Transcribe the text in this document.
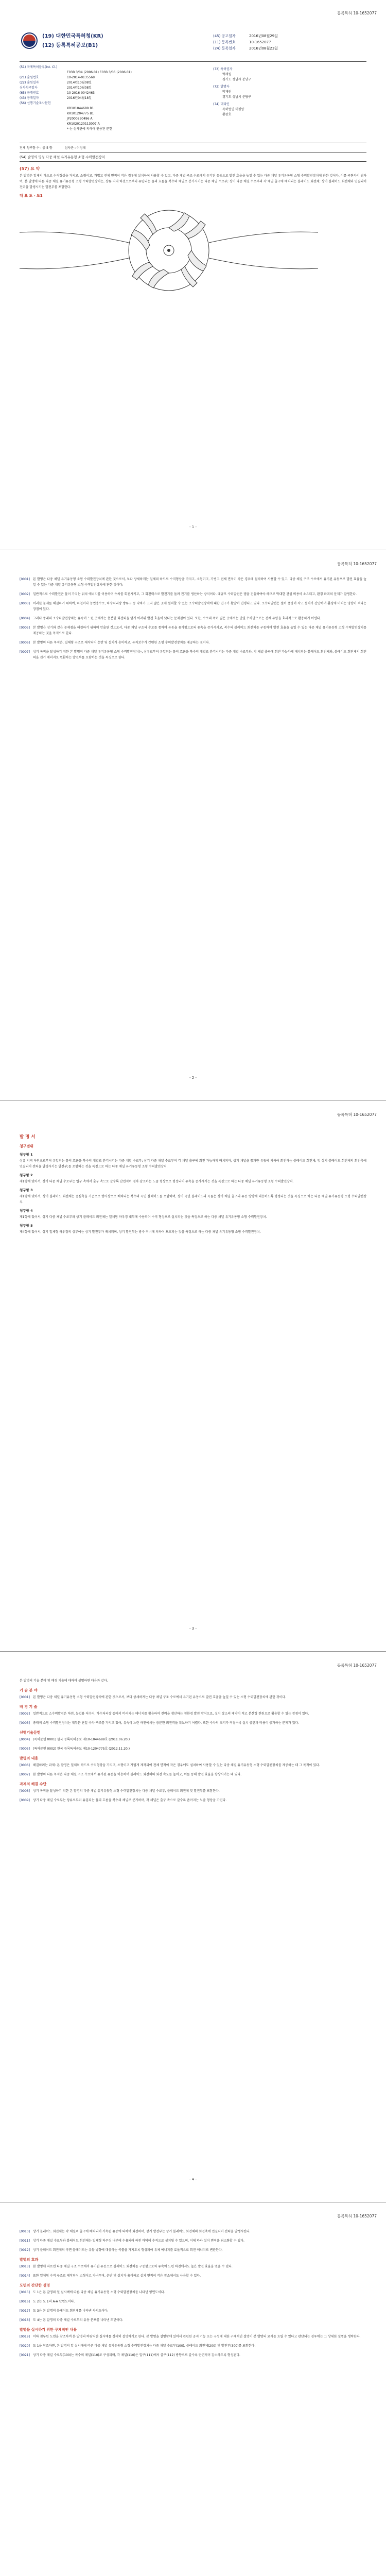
등록특허 10-1652077
(19) 대한민국특허청(KR)
(12) 등록특허공보(B1)
(45) 공고일자	2016년08월29일
(11) 등록번호	10-1652077
(24) 등록일자	2016년08월23일
(51) 국제특허분류(Int. Cl.)
F03B 3/04 (2006.01) F03B 3/06 (2006.01)
(21) 출원번호	10-2014-0135568
(22) 출원일자	2014년10월08일
심사청구일자	2014년10월08일
(65) 공개번호	10-2016-0042463
(43) 공개일자	2016년04월18일
(56) 선행기술조사문헌
KR101044689 B1
KR101204775 B1
JP2000230496 A
KR1020120113007 A
* 는 심사관에 의하여 인용된 문헌
(73) 특허권자
박재원
경기도 성남시 분당구
(72) 발명자
박재원
경기도 성남시 분당구
(74) 대리인
특허법인 태평양
황광호
전체 청구항 수 : 총 5 항	심사관 : 이정혜
(54) 발명의 명칭 다중 채널 유기유동형 소형 수력발전장치
(57) 요 약
본 발명은 일체의 하드로 수직형상을 가지고, 소형이고, 가볍고 전체 면적이 작은 경우에 설치하여 사용할 수 있고, 다중 채널 구조 수로에서 유기된 유동으로 발전 효율을 높일 수 있는 다중 채널 유기유동형 소형 수력발전장치에 관한 것이다. 이를 구현하기 위하여, 본 발명에 따른 다중 채널 유기유동형 소형 수력발전장치는, 상류 지역 하천으로부터 유입되는 물의 흐름을 복수의 채널로 분기시키는 다중 채널 수로부; 상기 다중 채널 수로부의 각 채널 출구에 배치되는 블레이드 회전체; 상기 블레이드 회전체와 연결되어 전력을 발생시키는 발전부를 포함한다.
대 표 도 - 도1
- 1 -
등록특허 10-1652077
[0001]	본 발명은 다중 채널 유기유동형 소형 수력발전장치에 관한 것으로서, 보다 상세하게는 일체의 하드로 수직형상을 가지고, 소형이고, 가볍고 전체 면적이 작은 경우에 설치하여 사용할 수 있고, 다중 채널 구조 수로에서 유기된 유동으로 발전 효율을 높일 수 있는 다중 채널 유기유동형 소형 수력발전장치에 관한 것이다.
[0002]	일반적으로 수력발전은 물이 가지는 위치 에너지를 이용하여 수차를 회전시키고, 그 회전력으로 발전기를 돌려 전기를 생산하는 방식이다. 대규모 수력발전은 댐을 건설하여야 하므로 막대한 건설 비용이 소요되고, 환경 파괴의 문제가 발생한다.
[0003]	이러한 문제를 해결하기 위하여, 하천이나 농업용수로, 하수처리장 방류구 등 낙차가 크지 않은 곳에 설치할 수 있는 소수력발전장치에 대한 연구가 활발히 진행되고 있다. 소수력발전은 설비 용량이 작고 설치가 간단하며 환경에 미치는 영향이 적다는 장점이 있다.
[0004]	그러나 종래의 소수력발전장치는 유속이 느린 곳에서는 충분한 회전력을 얻기 어려워 발전 효율이 낮다는 문제점이 있다. 또한, 수로의 폭이 넓은 곳에서는 단일 수차만으로는 전체 유량을 효과적으로 활용하기 어렵다.
[0005]	본 발명은 상기와 같은 문제점을 해결하기 위하여 안출된 것으로서, 다중 채널 구조의 수로를 통하여 유동을 유기함으로써 유속을 증가시키고, 복수의 블레이드 회전체를 구동하여 발전 효율을 높일 수 있는 다중 채널 유기유동형 소형 수력발전장치를 제공하는 것을 목적으로 한다.
[0006]	본 발명의 다른 목적은, 일체형 구조로 제작되어 운반 및 설치가 용이하고, 유지보수가 간편한 소형 수력발전장치를 제공하는 것이다.
[0007]	상기 목적을 달성하기 위한 본 발명의 다중 채널 유기유동형 소형 수력발전장치는, 상류로부터 유입되는 물의 흐름을 복수의 채널로 분기시키는 다중 채널 수로부와, 각 채널 출구에 회전 가능하게 배치되는 블레이드 회전체와, 블레이드 회전체의 회전력을 전기 에너지로 변환하는 발전부를 포함하는 것을 특징으로 한다.
- 2 -
등록특허 10-1652077
발 명 서
청구범위
청구항 1
상류 지역 하천으로부터 유입되는 물의 흐름을 복수의 채널로 분기시키는 다중 채널 수로부; 상기 다중 채널 수로부의 각 채널 출구에 회전 가능하게 배치되며, 상기 채널을 통과한 유동에 의하여 회전하는 블레이드 회전체; 및 상기 블레이드 회전체의 회전축에 연결되어 전력을 발생시키는 발전부;를 포함하는 것을 특징으로 하는 다중 채널 유기유동형 소형 수력발전장치.
청구항 2
제1항에 있어서, 상기 다중 채널 수로부는 입구 측에서 출구 측으로 갈수록 단면적이 점차 감소하는 노즐 형상으로 형성되어 유속을 증가시키는 것을 특징으로 하는 다중 채널 유기유동형 소형 수력발전장치.
청구항 3
제1항에 있어서, 상기 블레이드 회전체는 중심축을 기준으로 방사상으로 배치되는 복수의 곡면 블레이드를 포함하며, 상기 곡면 블레이드의 곡률은 상기 채널 출구의 유동 방향에 대응하도록 형성되는 것을 특징으로 하는 다중 채널 유기유동형 소형 수력발전장치.
청구항 4
제1항에 있어서, 상기 다중 채널 수로부와 상기 블레이드 회전체는 일체형 하우징 내부에 수용되어 수직 형상으로 설치되는 것을 특징으로 하는 다중 채널 유기유동형 소형 수력발전장치.
청구항 5
제4항에 있어서, 상기 일체형 하우징의 상부에는 상기 발전부가 배치되며, 상기 발전부는 방수 커버에 의하여 보호되는 것을 특징으로 하는 다중 채널 유기유동형 소형 수력발전장치.
- 3 -
등록특허 10-1652077
본 발명의 기술 분야 및 배경 기술에 대하여 설명하면 다음과 같다.
기 술 분 야
[0001]	본 발명은 다중 채널 유기유동형 소형 수력발전장치에 관한 것으로서, 보다 상세하게는 다중 채널 구조 수로에서 유기된 유동으로 발전 효율을 높일 수 있는 소형 수력발전장치에 관한 것이다.
배 경 기 술
[0002]	일반적으로 소수력발전은 하천, 농업용 저수지, 하수처리장 등에서 버려지는 에너지를 활용하여 전력을 생산하는 친환경 발전 방식으로, 설치 장소의 제약이 적고 분산형 전원으로 활용할 수 있는 장점이 있다.
[0003]	종래의 소형 수력발전장치는 대부분 단일 수차 구조를 가지고 있어, 유속이 느린 하천에서는 충분한 회전력을 확보하기 어렵다. 또한 수차의 크기가 커질수록 설치 공간과 비용이 증가하는 문제가 있다.
선행기술문헌
[0004]	(특허문헌 0001) 한국 등록특허공보 제10-1044689호 (2011.06.20.)
[0005]	(특허문헌 0002) 한국 등록특허공보 제10-1204775호 (2012.11.20.)
발명의 내용
[0006]	해결하려는 과제: 본 발명은 일체의 하드로 수직형상을 가지고, 소형이고 가볍게 제작되어 전체 면적이 작은 경우에도 설치하여 사용할 수 있는 다중 채널 유기유동형 소형 수력발전장치를 제공하는 데 그 목적이 있다.
[0007]	본 발명의 다른 목적은 다중 채널 구조 수로에서 유기된 유동을 이용하여 블레이드 회전체의 회전 속도를 높이고, 이를 통해 발전 효율을 향상시키는 데 있다.
과제의 해결 수단
[0008]	상기 목적을 달성하기 위한 본 발명의 다중 채널 유기유동형 소형 수력발전장치는 다중 채널 수로부, 블레이드 회전체 및 발전부를 포함한다.
[0009]	상기 다중 채널 수로부는 상류로부터 유입되는 물의 흐름을 복수의 채널로 분기하며, 각 채널은 출구 측으로 갈수록 좁아지는 노즐 형상을 가진다.
- 4 -
등록특허 10-1652077
[0010]	상기 블레이드 회전체는 각 채널의 출구에 배치되어 가속된 유동에 의하여 회전하며, 상기 발전부는 상기 블레이드 회전체의 회전축에 연결되어 전력을 발생시킨다.
[0011]	상기 다중 채널 수로부와 블레이드 회전체는 일체형 하우징 내부에 수용되어 하천 바닥에 수직으로 설치될 수 있으며, 이에 따라 설치 면적을 최소화할 수 있다.
[0012]	상기 블레이드 회전체의 곡면 블레이드는 유동 방향에 대응하는 곡률을 가지도록 형성되어 유체 에너지를 효율적으로 회전 에너지로 변환한다.
발명의 효과
[0013]	본 발명에 따르면 다중 채널 구조 수로에서 유기된 유동으로 블레이드 회전체를 구동함으로써 유속이 느린 하천에서도 높은 발전 효율을 얻을 수 있다.
[0014]	또한 일체형 수직 구조로 제작되어 소형이고 가벼우며, 운반 및 설치가 용이하고 설치 면적이 작은 장소에서도 사용할 수 있다.
도면의 간단한 설명
[0015]	도 1은 본 발명의 일 실시예에 따른 다중 채널 유기유동형 소형 수력발전장치를 나타낸 평면도이다.
[0016]	도 2는 도 1의 A-A 단면도이다.
[0017]	도 3은 본 발명의 블레이드 회전체를 나타낸 사시도이다.
[0018]	도 4는 본 발명의 다중 채널 수로부의 유동 분포를 나타낸 도면이다.
발명을 실시하기 위한 구체적인 내용
[0019]	이하 첨부된 도면을 참조하여 본 발명의 바람직한 실시예를 상세히 설명하기로 한다. 본 발명을 설명함에 있어서 관련된 공지 기능 또는 구성에 대한 구체적인 설명이 본 발명의 요지를 흐릴 수 있다고 판단되는 경우에는 그 상세한 설명을 생략한다.
[0020]	도 1을 참조하면, 본 발명의 일 실시예에 따른 다중 채널 유기유동형 소형 수력발전장치는 다중 채널 수로부(100), 블레이드 회전체(200) 및 발전부(300)를 포함한다.
[0021]	상기 다중 채널 수로부(100)는 복수의 채널(110)로 구성되며, 각 채널(110)은 입구(111)에서 출구(112) 방향으로 갈수록 단면적이 감소하도록 형성된다.
